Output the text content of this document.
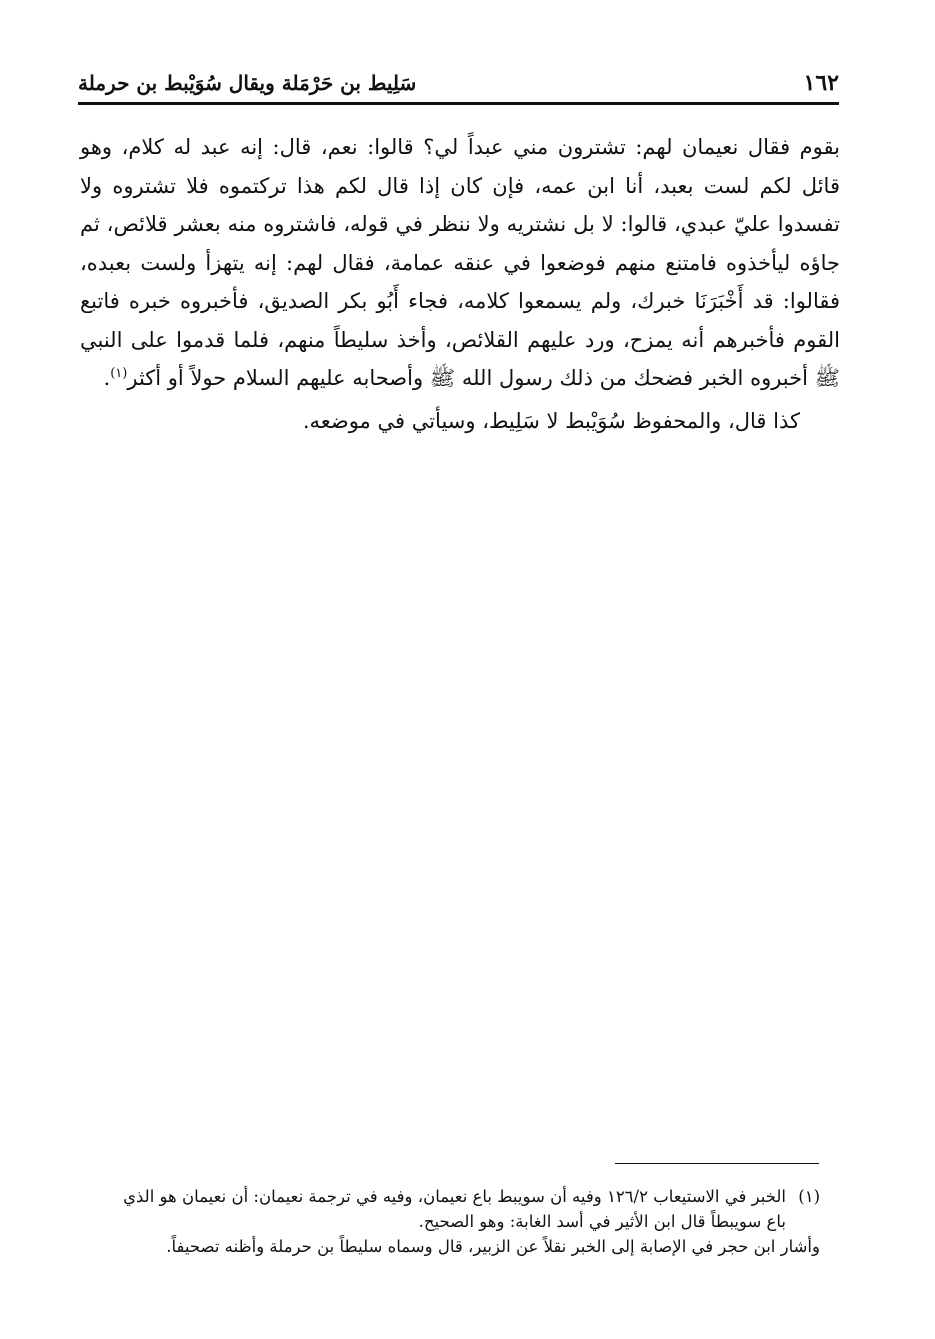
١٦٢
سَلِيط بن حَرْمَلة ويقال سُوَيْبط بن حرملة

بقوم فقال نعيمان لهم: تشترون مني عبداً لي؟ قالوا: نعم، قال: إنه عبد له كلام، وهو قائل لكم لست بعبد، أنا ابن عمه، فإن كان إذا قال لكم هذا تركتموه فلا تشتروه ولا تفسدوا عليّ عبدي، قالوا: لا بل نشتريه ولا ننظر في قوله، فاشتروه منه بعشر قلائص، ثم جاؤه ليأخذوه فامتنع منهم فوضعوا في عنقه عمامة، فقال لهم: إنه يتهزأ ولست بعبده، فقالوا: قد أَخْبَرَنَا خبرك، ولم يسمعوا كلامه، فجاء أَبُو بكر الصديق، فأخبروه خبره فاتبع القوم فأخبرهم أنه يمزح، ورد عليهم القلائص، وأخذ سليطاً منهم، فلما قدموا على النبي ﷺ أخبروه الخبر فضحك من ذلك رسول الله ﷺ وأصحابه عليهم السلام حولاً أو أكثر$^{(١)}$.

كذا قال، والمحفوظ سُوَيْبط لا سَلِيط، وسيأتي في موضعه.

(١)
الخبر في الاستيعاب ١٢٦/٢ وفيه أن سويبط باع نعيمان، وفيه في ترجمة نعيمان: أن نعيمان هو الذي
باع سويبطاً قال ابن الأثير في أسد الغابة: وهو الصحيح.
وأشار ابن حجر في الإصابة إلى الخبر نقلاً عن الزبير، قال وسماه سليطاً بن حرملة وأظنه تصحيفاً.
